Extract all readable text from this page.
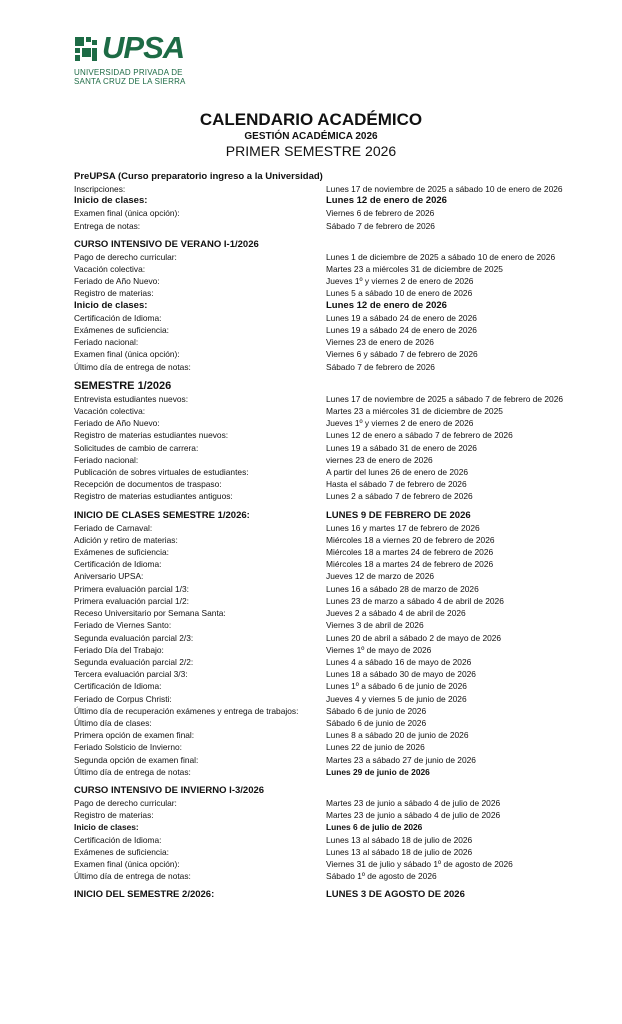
UPSA
UNIVERSIDAD PRIVADA DE
SANTA CRUZ DE LA SIERRA
CALENDARIO ACADÉMICO
GESTIÓN ACADÉMICA 2026
PRIMER SEMESTRE 2026
PreUPSA (Curso preparatorio ingreso a la Universidad)
Inscripciones:	Lunes 17 de noviembre de 2025 a sábado 10 de enero de 2026
Inicio de clases:	Lunes 12 de enero de 2026
Examen final (única opción):	Viernes 6 de febrero de 2026
Entrega de notas:	Sábado 7 de febrero de 2026
CURSO INTENSIVO DE VERANO I-1/2026
Pago de derecho curricular:	Lunes 1 de diciembre de 2025 a sábado 10 de enero de 2026
Vacación colectiva:	Martes 23 a miércoles 31 de diciembre de 2025
Feriado de Año Nuevo:	Jueves 1º y viernes 2 de enero de 2026
Registro de materias:	Lunes 5 a sábado 10 de enero de 2026
Inicio de clases:	Lunes 12 de enero de 2026
Certificación de Idioma:	Lunes 19 a sábado 24 de enero de 2026
Exámenes de suficiencia:	Lunes 19 a sábado 24 de enero de 2026
Feriado nacional:	Viernes 23 de enero de 2026
Examen final (única opción):	Viernes 6 y sábado 7 de febrero de 2026
Último día de entrega de notas:	Sábado 7 de febrero de 2026
SEMESTRE 1/2026
Entrevista estudiantes nuevos:	Lunes 17 de noviembre de 2025 a sábado 7 de febrero de 2026
Vacación colectiva:	Martes 23 a miércoles 31 de diciembre de 2025
Feriado de Año Nuevo:	Jueves 1º y viernes 2 de enero de 2026
Registro de materias estudiantes nuevos:	Lunes 12 de enero a sábado 7 de febrero de 2026
Solicitudes de cambio de carrera:	Lunes 19 a sábado 31 de enero de 2026
Feriado nacional:	viernes 23 de enero de 2026
Publicación de sobres virtuales de estudiantes:	A partir del lunes 26 de enero de 2026
Recepción de documentos de traspaso:	Hasta el sábado 7 de febrero de 2026
Registro de materias estudiantes antiguos:	Lunes 2 a sábado 7 de febrero de 2026
INICIO DE CLASES SEMESTRE 1/2026:	LUNES 9 DE FEBRERO DE 2026
Feriado de Carnaval:	Lunes 16 y martes 17 de febrero de 2026
Adición y retiro de materias:	Miércoles 18 a viernes 20 de febrero de 2026
Exámenes de suficiencia:	Miércoles 18 a martes 24 de febrero de 2026
Certificación de Idioma:	Miércoles 18 a martes 24 de febrero de 2026
Aniversario UPSA:	Jueves 12 de marzo de 2026
Primera evaluación parcial 1/3:	Lunes 16 a sábado 28 de marzo de 2026
Primera evaluación parcial 1/2:	Lunes 23 de marzo a sábado 4 de abril de 2026
Receso Universitario por Semana Santa:	Jueves 2 a sábado 4 de abril de 2026
Feriado de Viernes Santo:	Viernes 3 de abril de 2026
Segunda evaluación parcial 2/3:	Lunes 20 de abril a sábado 2 de mayo de 2026
Feriado Día del Trabajo:	Viernes 1º de mayo de 2026
Segunda evaluación parcial 2/2:	Lunes 4 a sábado 16 de mayo de 2026
Tercera evaluación parcial 3/3:	Lunes 18 a sábado 30 de mayo de 2026
Certificación de Idioma:	Lunes 1º a sábado 6 de junio de 2026
Feriado de Corpus Christi:	Jueves 4 y viernes 5 de junio de 2026
Último día de recuperación exámenes y entrega de trabajos:	Sábado 6 de junio de 2026
Último día de clases:	Sábado 6 de junio de 2026
Primera opción de examen final:	Lunes 8 a sábado 20 de junio de 2026
Feriado Solsticio de Invierno:	Lunes 22 de junio de 2026
Segunda opción de examen final:	Martes 23 a sábado 27 de junio de 2026
Último día de entrega de notas:	Lunes 29 de junio de 2026
CURSO INTENSIVO DE INVIERNO I-3/2026
Pago de derecho curricular:	Martes 23 de junio a sábado 4 de julio de 2026
Registro de materias:	Martes 23 de junio a sábado 4 de julio de 2026
Inicio de clases:	Lunes 6 de julio de 2026
Certificación de Idioma:	Lunes 13 al sábado 18 de julio de 2026
Exámenes de suficiencia:	Lunes 13 al sábado 18 de julio de 2026
Examen final (única opción):	Viernes 31 de julio y sábado 1º de agosto de 2026
Último día de entrega de notas:	Sábado 1º de agosto de 2026
INICIO DEL SEMESTRE 2/2026:	LUNES 3 DE AGOSTO DE 2026
